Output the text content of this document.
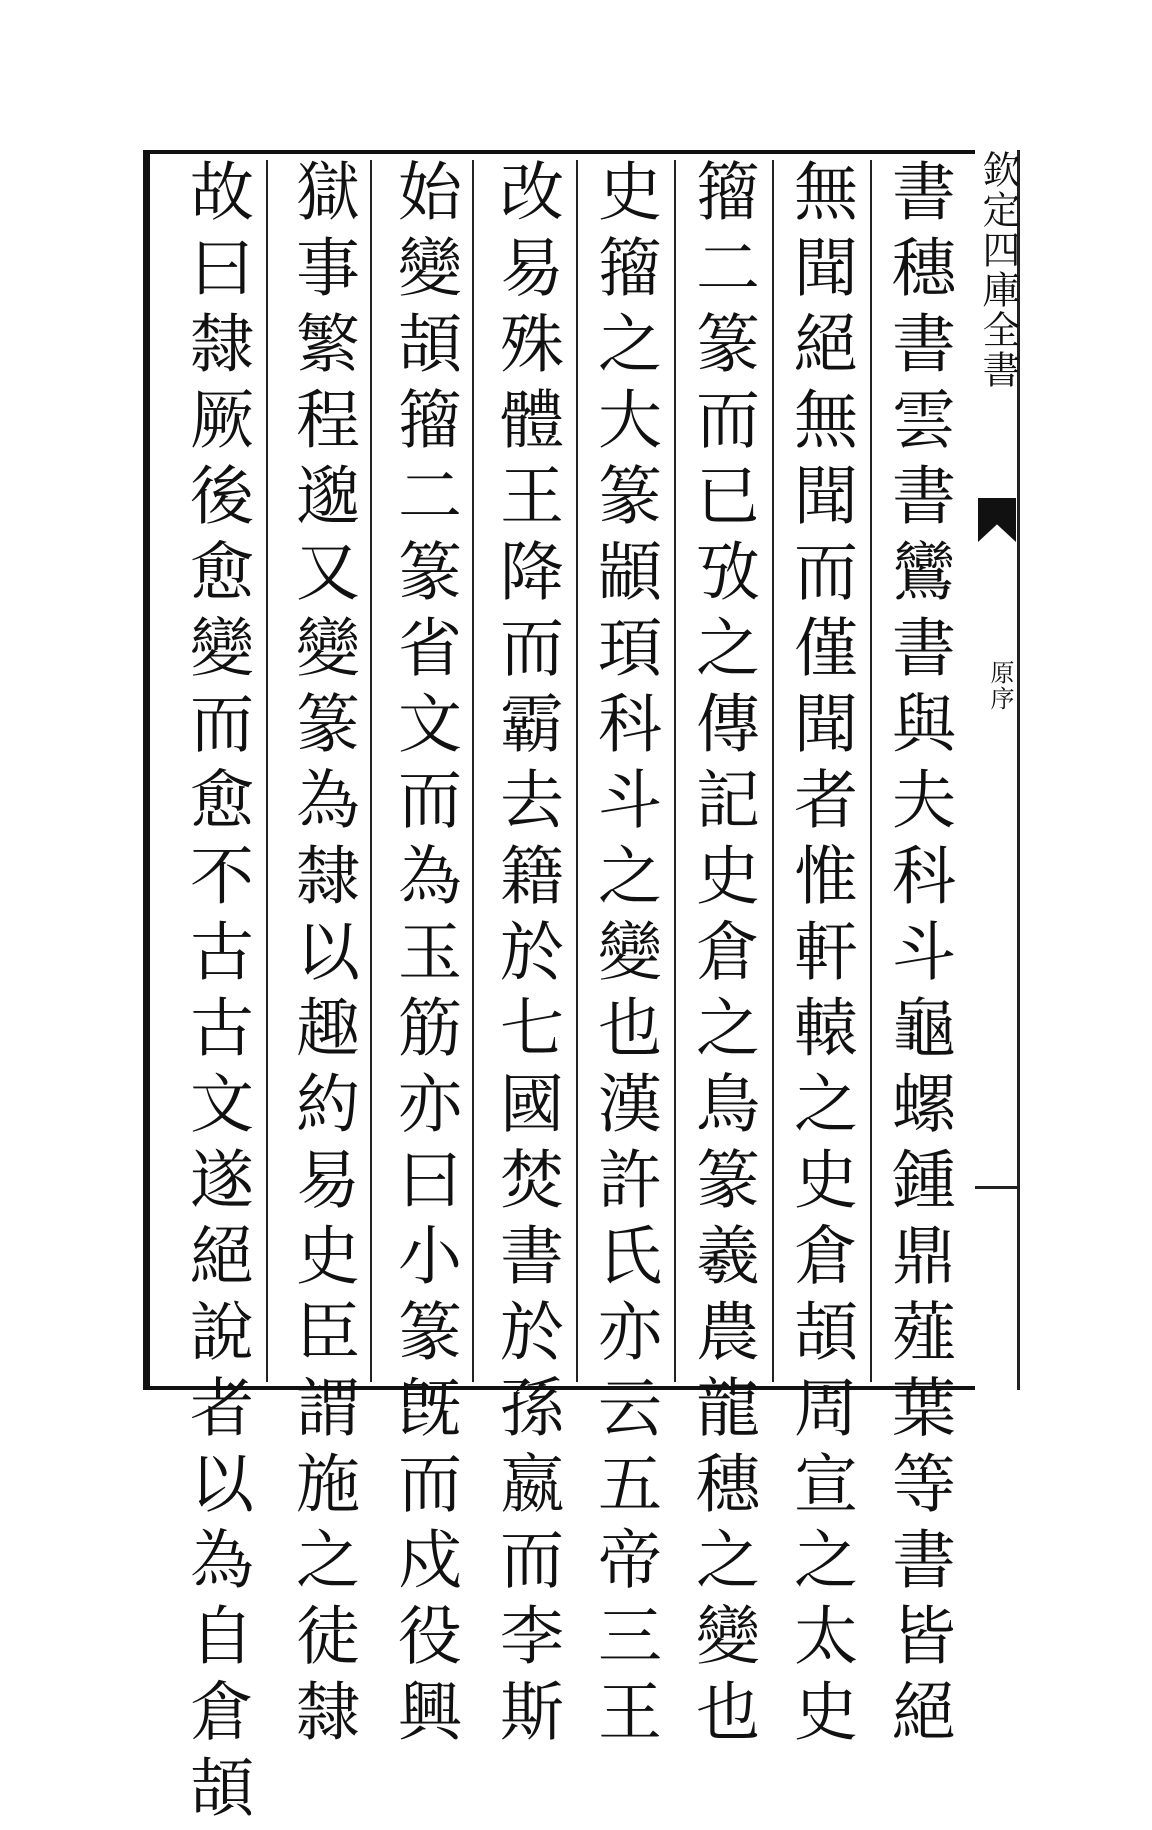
書穗書雲書鸞書與夫科斗龜螺鍾鼎薤葉等書皆絕
無聞絕無聞而僅聞者惟軒轅之史倉頡周宣之太史
籀二篆而已攷之傳記史倉之鳥篆羲農龍穗之變也
史籀之大篆顓頊科斗之變也漢許氏亦云五帝三王
改易殊體王降而霸去籍於七國焚書於孫嬴而李斯
始變頡籀二篆省文而為玉筋亦曰小篆旣而戍役興
獄事繁程邈又變篆為隸以趣約易史臣謂施之徒隸
故曰隸厥後愈變而愈不古古文遂絕說者以為自倉頡	欽定四庫全書
原序
